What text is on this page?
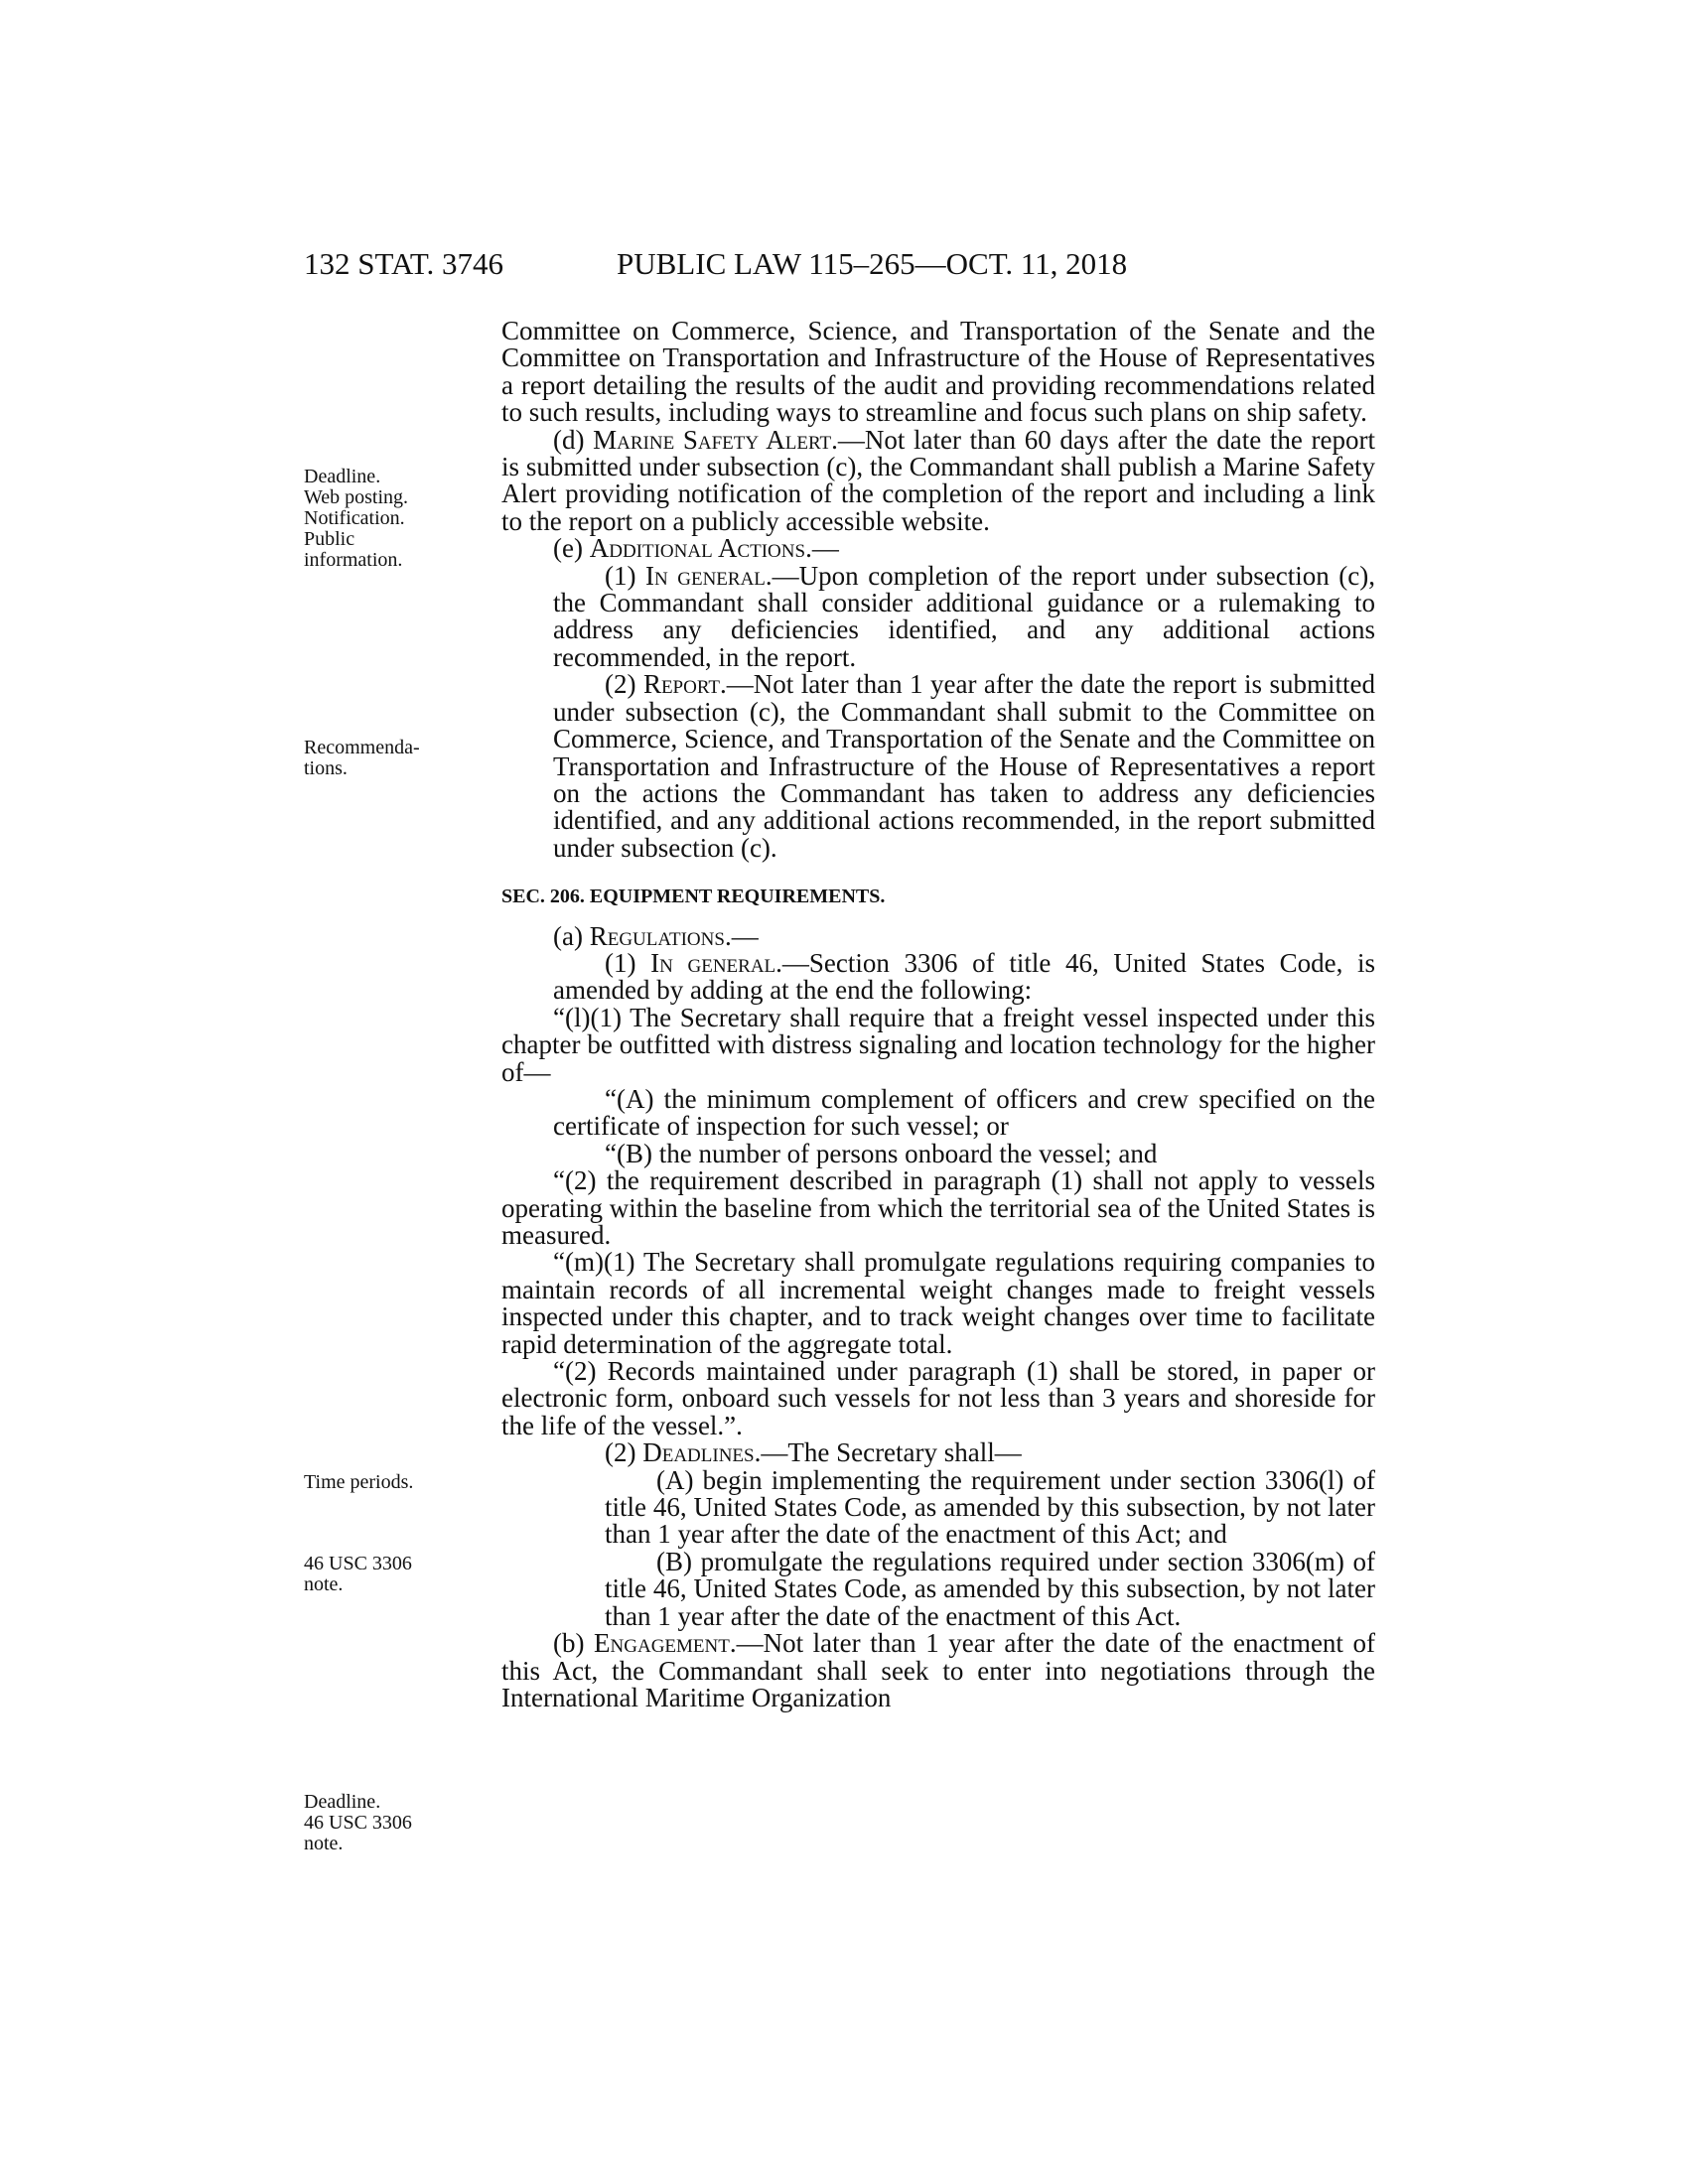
132 STAT. 3746	PUBLIC LAW 115–265—OCT. 11, 2018
Deadline.
Web posting.
Notification.
Public
information.
Recommenda-
tions.
Time periods.
46 USC 3306
note.
Deadline.
46 USC 3306
note.

Committee on Commerce, Science, and Transportation of the Senate and the Committee on Transportation and Infrastructure of the House of Representatives a report detailing the results of the audit and providing recommendations related to such results, including ways to streamline and focus such plans on ship safety.

(d) Marine Safety Alert.—Not later than 60 days after the date the report is submitted under subsection (c), the Commandant shall publish a Marine Safety Alert providing notification of the completion of the report and including a link to the report on a publicly accessible website.

(e) Additional Actions.—

(1) In general.—Upon completion of the report under subsection (c), the Commandant shall consider additional guidance or a rulemaking to address any deficiencies identified, and any additional actions recommended, in the report.

(2) Report.—Not later than 1 year after the date the report is submitted under subsection (c), the Commandant shall submit to the Committee on Commerce, Science, and Transportation of the Senate and the Committee on Transportation and Infrastructure of the House of Representatives a report on the actions the Commandant has taken to address any deficiencies identified, and any additional actions recommended, in the report submitted under subsection (c).

SEC. 206. EQUIPMENT REQUIREMENTS.

(a) Regulations.—

(1) In general.—Section 3306 of title 46, United States Code, is amended by adding at the end the following:

“(l)(1) The Secretary shall require that a freight vessel inspected under this chapter be outfitted with distress signaling and location technology for the higher of—

“(A) the minimum complement of officers and crew specified on the certificate of inspection for such vessel; or

“(B) the number of persons onboard the vessel; and

“(2) the requirement described in paragraph (1) shall not apply to vessels operating within the baseline from which the territorial sea of the United States is measured.

“(m)(1) The Secretary shall promulgate regulations requiring companies to maintain records of all incremental weight changes made to freight vessels inspected under this chapter, and to track weight changes over time to facilitate rapid determination of the aggregate total.

“(2) Records maintained under paragraph (1) shall be stored, in paper or electronic form, onboard such vessels for not less than 3 years and shoreside for the life of the vessel.”.

(2) Deadlines.—The Secretary shall—

(A) begin implementing the requirement under section 3306(l) of title 46, United States Code, as amended by this subsection, by not later than 1 year after the date of the enactment of this Act; and

(B) promulgate the regulations required under section 3306(m) of title 46, United States Code, as amended by this subsection, by not later than 1 year after the date of the enactment of this Act.

(b) Engagement.—Not later than 1 year after the date of the enactment of this Act, the Commandant shall seek to enter into negotiations through the International Maritime Organization
